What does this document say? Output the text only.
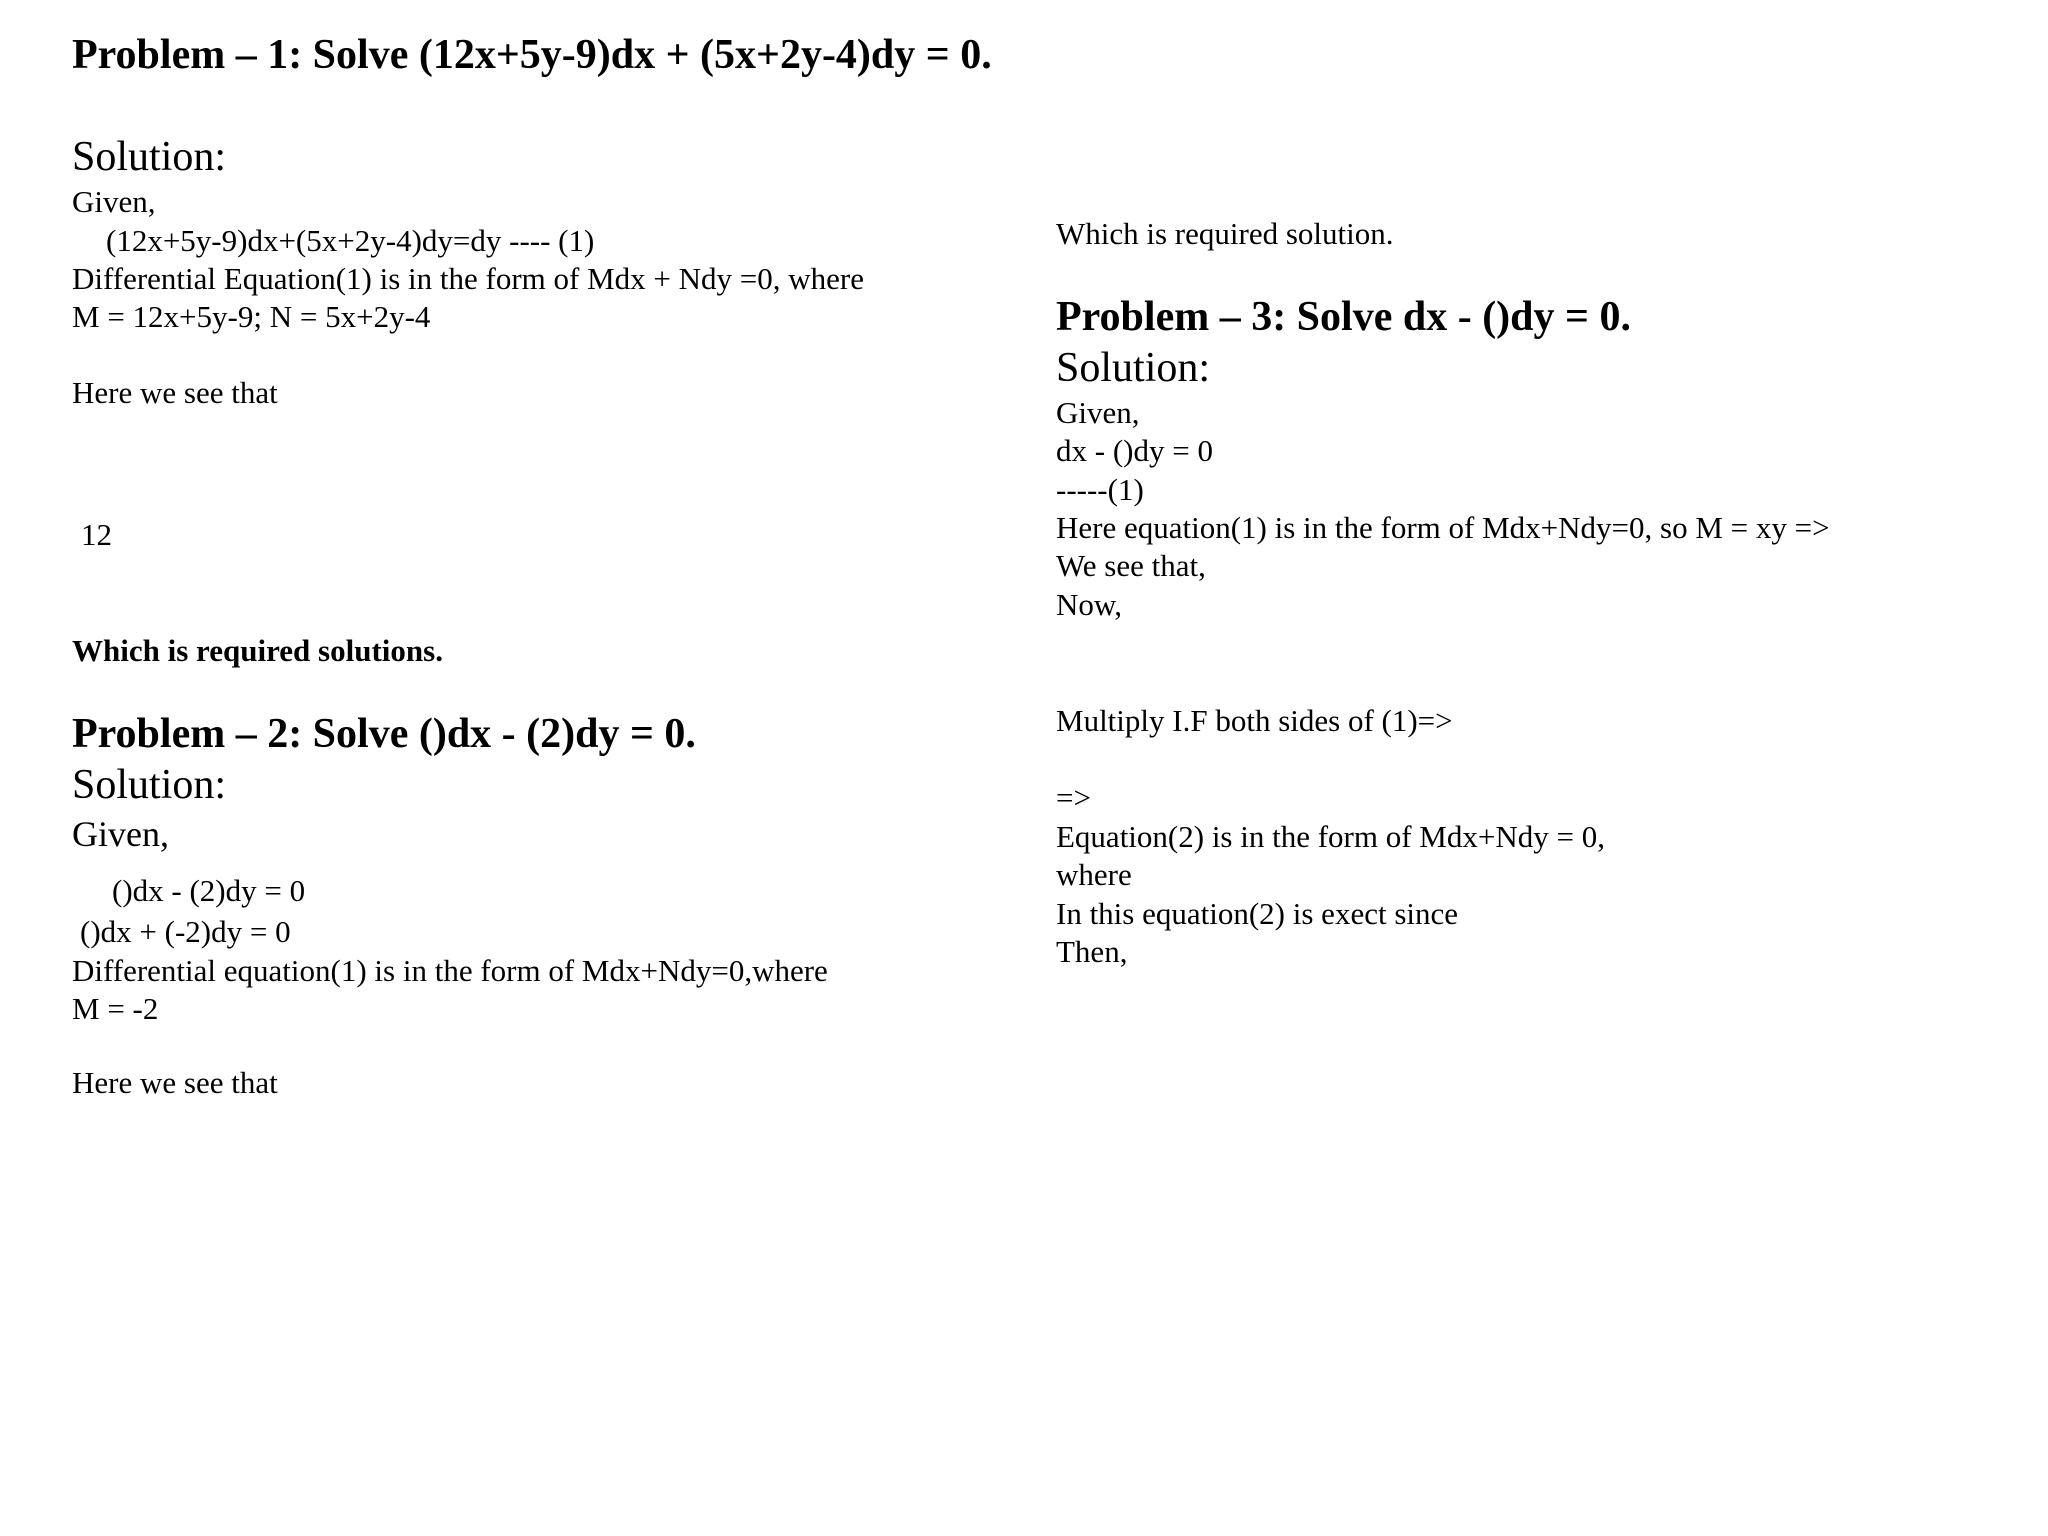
Problem – 1: Solve (12x+5y-9)dx + (5x+2y-4)dy = 0.
Solution:
Given,
(12x+5y-9)dx+(5x+2y-4)dy=dy ---- (1)
Differential Equation(1) is in the form of Mdx + Ndy =0, where
M = 12x+5y-9; N = 5x+2y-4
Here we see that
12
Which is required solutions.
Problem – 2: Solve ()dx - (2)dy = 0.
Solution:
Given,
()dx - (2)dy = 0
()dx + (-2)dy = 0
Differential equation(1) is in the form of Mdx+Ndy=0,where
M = -2
Here we see that
Which is required solution.
Problem – 3: Solve dx - ()dy = 0.
Solution:
Given,
dx - ()dy = 0
-----(1)
Here equation(1) is in the form of Mdx+Ndy=0, so M = xy =>
We see that,
Now,
Multiply I.F both sides of (1)=>
=>
Equation(2) is in the form of Mdx+Ndy = 0,
where
In this equation(2) is exect since
Then,
